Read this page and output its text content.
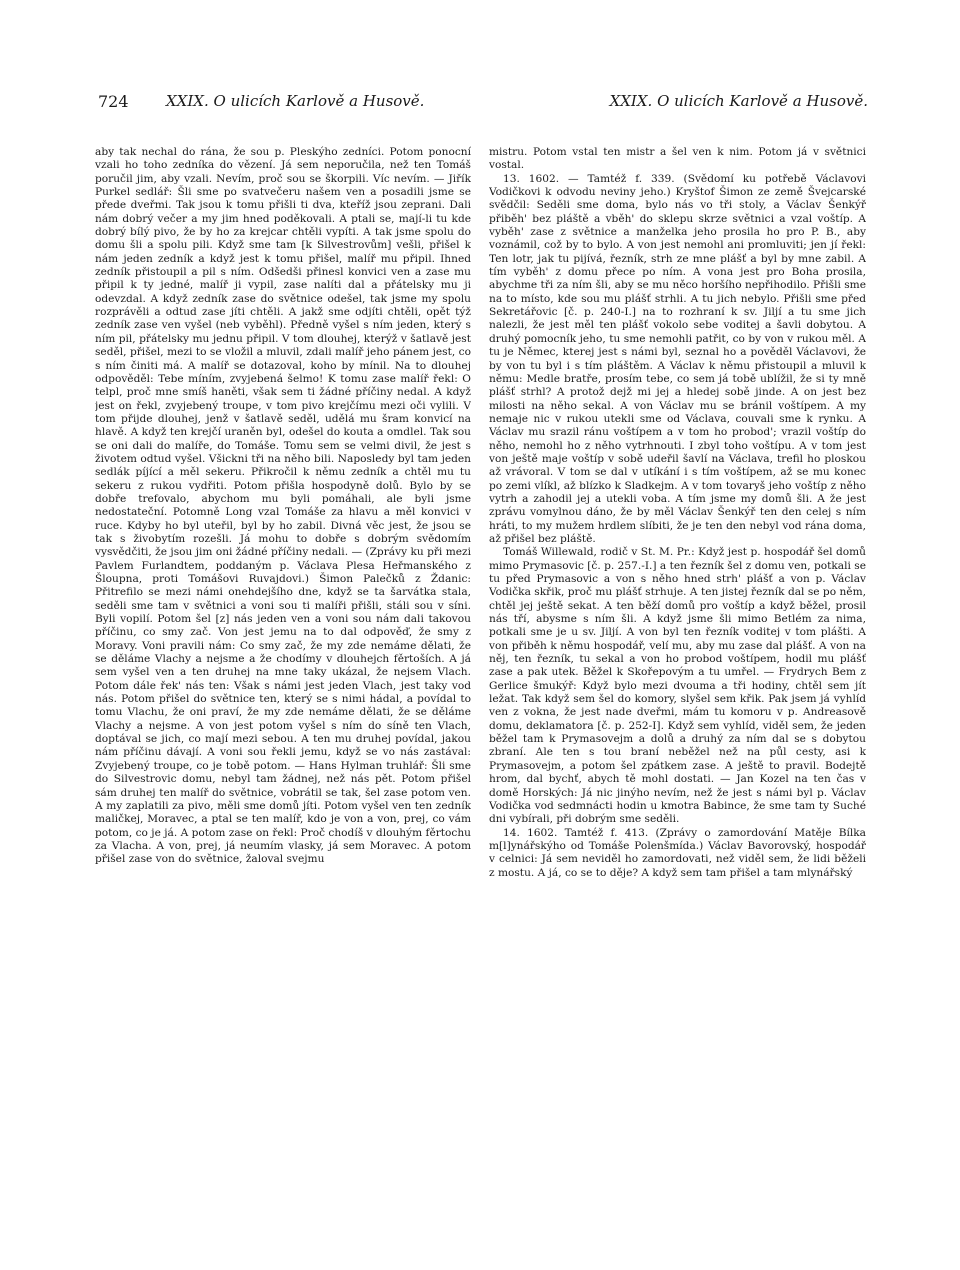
724 XXIX. O ulicích Karlově a Husově.	XXIX. O ulicích Karlově a Husově.

aby tak nechal do rána, že sou p. Pleskýho zedníci. Potom ponocní vzali ho toho zedníka do vězení. Já sem neporučila, než ten Tomáš poručil jim, aby vzali. Nevím, proč sou se škorpili. Víc nevím. — Jiřík Purkel sedlář: Šli sme po svatvečeru našem ven a posadili jsme se přede dveřmi. Tak jsou k tomu přišli ti dva, kteříž jsou zeprani. Dali nám dobrý večer a my jim hned poděkovali. A ptali se, mají-li tu kde dobrý bílý pivo, že by ho za krejcar chtěli vypíti. A tak jsme spolu do domu šli a spolu pili. Když sme tam [k Silvestrovům] vešli, přišel k nám jeden zedník a když jest k tomu přišel, malíř mu připil. Ihned zedník přistoupil a pil s ním. Odšedši přinesl konvici ven a zase mu připil k ty jedné, malíř ji vypil, zase nalíti dal a přátelsky mu ji odevzdal. A když zedník zase do světnice odešel, tak jsme my spolu rozprávěli a odtud zase jíti chtěli. A jakž sme odjíti chtěli, opět týž zedník zase ven vyšel (neb vyběhl). Předně vyšel s ním jeden, který s ním pil, přátelsky mu jednu připil. V tom dlouhej, kterýž v šatlavě jest seděl, přišel, mezi to se vložil a mluvil, zdali malíř jeho pánem jest, co s ním činiti má. A malíř se dotazoval, koho by mínil. Na to dlouhej odpověděl: Tebe míním, zvyjebená šelmo! K tomu zase malíř řekl: O telpl, proč mne smíš haněti, však sem ti žádné příčiny nedal. A když jest on řekl, zvyjebený troupe, v tom pivo krejčímu mezi oči vylili. V tom přijde dlouhej, jenž v šatlavě seděl, udělá mu šram konvicí na hlavě. A když ten krejčí uraněn byl, odešel do kouta a omdlel. Tak sou se oni dali do malíře, do Tomáše. Tomu sem se velmi divil, že jest s životem odtud vyšel. Všickni tři na něho bili. Naposledy byl tam jeden sedlák píjící a měl sekeru. Přikročil k němu zedník a chtěl mu tu sekeru z rukou vydřiti. Potom přišla hospodyně dolů. Bylo by se dobře trefovalo, abychom mu byli pomáhali, ale byli jsme nedostateční. Potomně Long vzal Tomáše za hlavu a měl konvici v ruce. Kdyby ho byl uteřil, byl by ho zabil. Divná věc jest, že jsou se tak s živobytím rozešli. Já mohu to dobře s dobrým svědomím vysvědčiti, že jsou jim oni žádné příčiny nedali. — (Zprávy ku při mezi Pavlem Furlandtem, poddaným p. Václava Plesa Heřmanského z Šloupna, proti Tomášovi Ruvajdovi.) Šimon Palečků z Ždanic: Přitrefilo se mezi námi onehdejšího dne, když se ta šarvátka stala, seděli sme tam v světnici a voni sou ti malíři přišli, stáli sou v síni. Byli vopilí. Potom šel [z] nás jeden ven a voni sou nám dali takovou příčinu, co smy zač. Von jest jemu na to dal odpověď, že smy z Moravy. Voni pravili nám: Co smy zač, že my zde nemáme dělati, že se děláme Vlachy a nejsme a že chodímy v dlouhejch fěrtoších. A já sem vyšel ven a ten druhej na mne taky ukázal, že nejsem Vlach. Potom dále řek' nás ten: Však s námi jest jeden Vlach, jest taky vod nás. Potom přišel do světnice ten, který se s nimi hádal, a povídal to tomu Vlachu, že oni praví, že my zde nemáme dělati, že se děláme Vlachy a nejsme. A von jest potom vyšel s ním do síně ten Vlach, doptával se jich, co mají mezi sebou. A ten mu druhej povídal, jakou nám příčinu dávají. A voni sou řekli jemu, když se vo nás zastával: Zvyjebený troupe, co je tobě potom. — Hans Hylman truhlář: Šli sme do Silvestrovic domu, nebyl tam žádnej, než nás pět. Potom přišel sám druhej ten malíř do světnice, vobrátil se tak, šel zase potom ven. A my zaplatili za pivo, měli sme domů jíti. Potom vyšel ven ten zedník maličkej, Moravec, a ptal se ten malíř, kdo je von a von, prej, co vám potom, co je já. A potom zase on řekl: Proč chodíš v dlouhým fěrtochu za Vlacha. A von, prej, já neumím vlasky, já sem Moravec. A potom přišel zase von do světnice, žaloval svejmu

mistru. Potom vstal ten mistr a šel ven k nim. Potom já v světnici vostal.

13. 1602. — Tamtéž f. 339. (Svědomí ku potřebě Václavovi Vodičkovi k odvodu neviny jeho.) Kryštof Šimon ze země Švejcarské svědčil: Seděli sme doma, bylo nás vo tři stoly, a Václav Šenkýř přiběh' bez pláště a vběh' do sklepu skrze světnici a vzal voštíp. A vyběh' zase z světnice a manželka jeho prosila ho pro P. B., aby voznámil, což by to bylo. A von jest nemohl ani promluviti; jen jí řekl: Ten lotr, jak tu pijívá, řezník, strh ze mne plášť a byl by mne zabil. A tím vyběh' z domu přece po ním. A vona jest pro Boha prosila, abychme tři za ním šli, aby se mu něco horšího nepřihodilo. Přišli sme na to místo, kde sou mu plášť strhli. A tu jich nebylo. Přišli sme před Sekretářovic [č. p. 240-I.] na to rozhraní k sv. Jiljí a tu sme jich nalezli, že jest měl ten plášť vokolo sebe voditej a šavli dobytou. A druhý pomocník jeho, tu sme nemohli patřit, co by von v rukou měl. A tu je Němec, kterej jest s námi byl, seznal ho a pověděl Václavovi, že by von tu byl i s tím pláštěm. A Václav k němu přistoupil a mluvil k němu: Medle bratře, prosím tebe, co sem já tobě ublížil, že si ty mně plášť strhl? A protož dejž mi jej a hledej sobě jinde. A on jest bez milosti na něho sekal. A von Václav mu se bránil voštípem. A my nemaje nic v rukou utekli sme od Václava, couvali sme k rynku. A Václav mu srazil ránu voštípem a v tom ho probod'; vrazil voštíp do něho, nemohl ho z něho vytrhnouti. I zbyl toho voštípu. A v tom jest von ještě maje voštíp v sobě udeřil šavlí na Václava, trefil ho ploskou až vrávoral. V tom se dal v utíkání i s tím voštípem, až se mu konec po zemi vlíkl, až blízko k Sladkejm. A v tom tovaryš jeho voštíp z něho vytrh a zahodil jej a utekli voba. A tím jsme my domů šli. A že jest zprávu vomylnou dáno, že by měl Václav Šenkýř ten den celej s ním hráti, to my mužem hrdlem slíbiti, že je ten den nebyl vod rána doma, až přišel bez pláště.

Tomáš Willewald, rodič v St. M. Pr.: Když jest p. hospodář šel domů mimo Prymasovic [č. p. 257.-I.] a ten řezník šel z domu ven, potkali se tu před Prymasovic a von s něho hned strh' plášť a von p. Václav Vodička skřik, proč mu plášť strhuje. A ten jistej řezník dal se po něm, chtěl jej ještě sekat. A ten běží domů pro voštíp a když běžel, prosil nás tří, abysme s ním šli. A když jsme šli mimo Betlém za nima, potkali sme je u sv. Jiljí. A von byl ten řezník voditej v tom plášti. A von přiběh k němu hospodář, velí mu, aby mu zase dal plášť. A von na něj, ten řezník, tu sekal a von ho probod voštípem, hodil mu plášť zase a pak utek. Běžel k Skořepovým a tu umřel. — Frydrych Bem z Gerlice šmukýř: Když bylo mezi dvouma a tři hodiny, chtěl sem jít ležat. Tak když sem šel do komory, slyšel sem křik. Pak jsem já vyhlíd ven z vokna, že jest nade dveřmi, mám tu komoru v p. Andreasově domu, deklamatora [č. p. 252-I]. Když sem vyhlíd, viděl sem, že jeden běžel tam k Prymasovejm a dolů a druhý za ním dal se s dobytou zbraní. Ale ten s tou braní neběžel než na půl cesty, asi k Prymasovejm, a potom šel zpátkem zase. A ještě to pravil. Bodejtě hrom, dal bychť, abych tě mohl dostati. — Jan Kozel na ten čas v domě Horských: Já nic jinýho nevím, než že jest s námi byl p. Václav Vodička vod sedmnácti hodin u kmotra Babince, že sme tam ty Suché dni vybírali, při dobrým sme seděli.

14. 1602. Tamtéž f. 413. (Zprávy o zamordování Matěje Bílka m[l]ynářskýho od Tomáše Polenšmída.) Václav Bavorovský, hospodář v celnici: Já sem neviděl ho zamordovati, než viděl sem, že lidi běželi z mostu. A já, co se to děje? A když sem tam přišel a tam mlynářský
